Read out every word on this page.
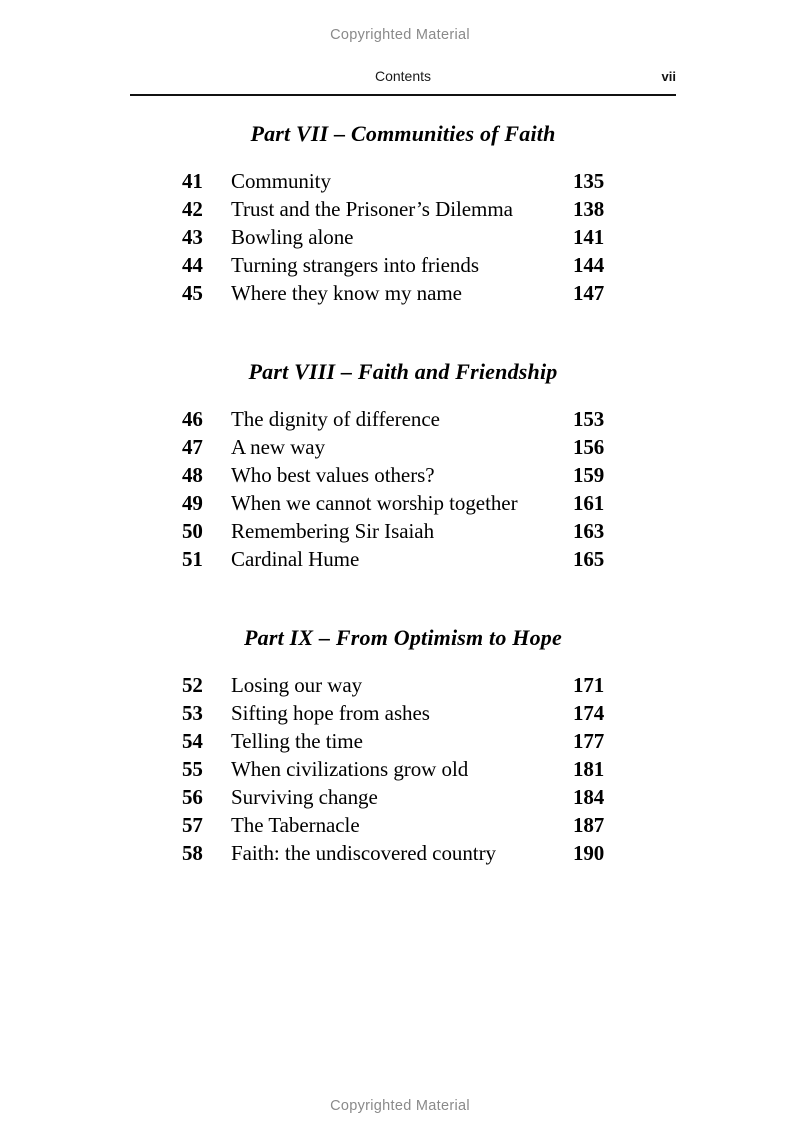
Copyrighted Material
Contents	vii
Part VII – Communities of Faith
41	Community	135
42	Trust and the Prisoner’s Dilemma	138
43	Bowling alone	141
44	Turning strangers into friends	144
45	Where they know my name	147
Part VIII – Faith and Friendship
46	The dignity of difference	153
47	A new way	156
48	Who best values others?	159
49	When we cannot worship together	161
50	Remembering Sir Isaiah	163
51	Cardinal Hume	165
Part IX – From Optimism to Hope
52	Losing our way	171
53	Sifting hope from ashes	174
54	Telling the time	177
55	When civilizations grow old	181
56	Surviving change	184
57	The Tabernacle	187
58	Faith: the undiscovered country	190
Copyrighted Material
